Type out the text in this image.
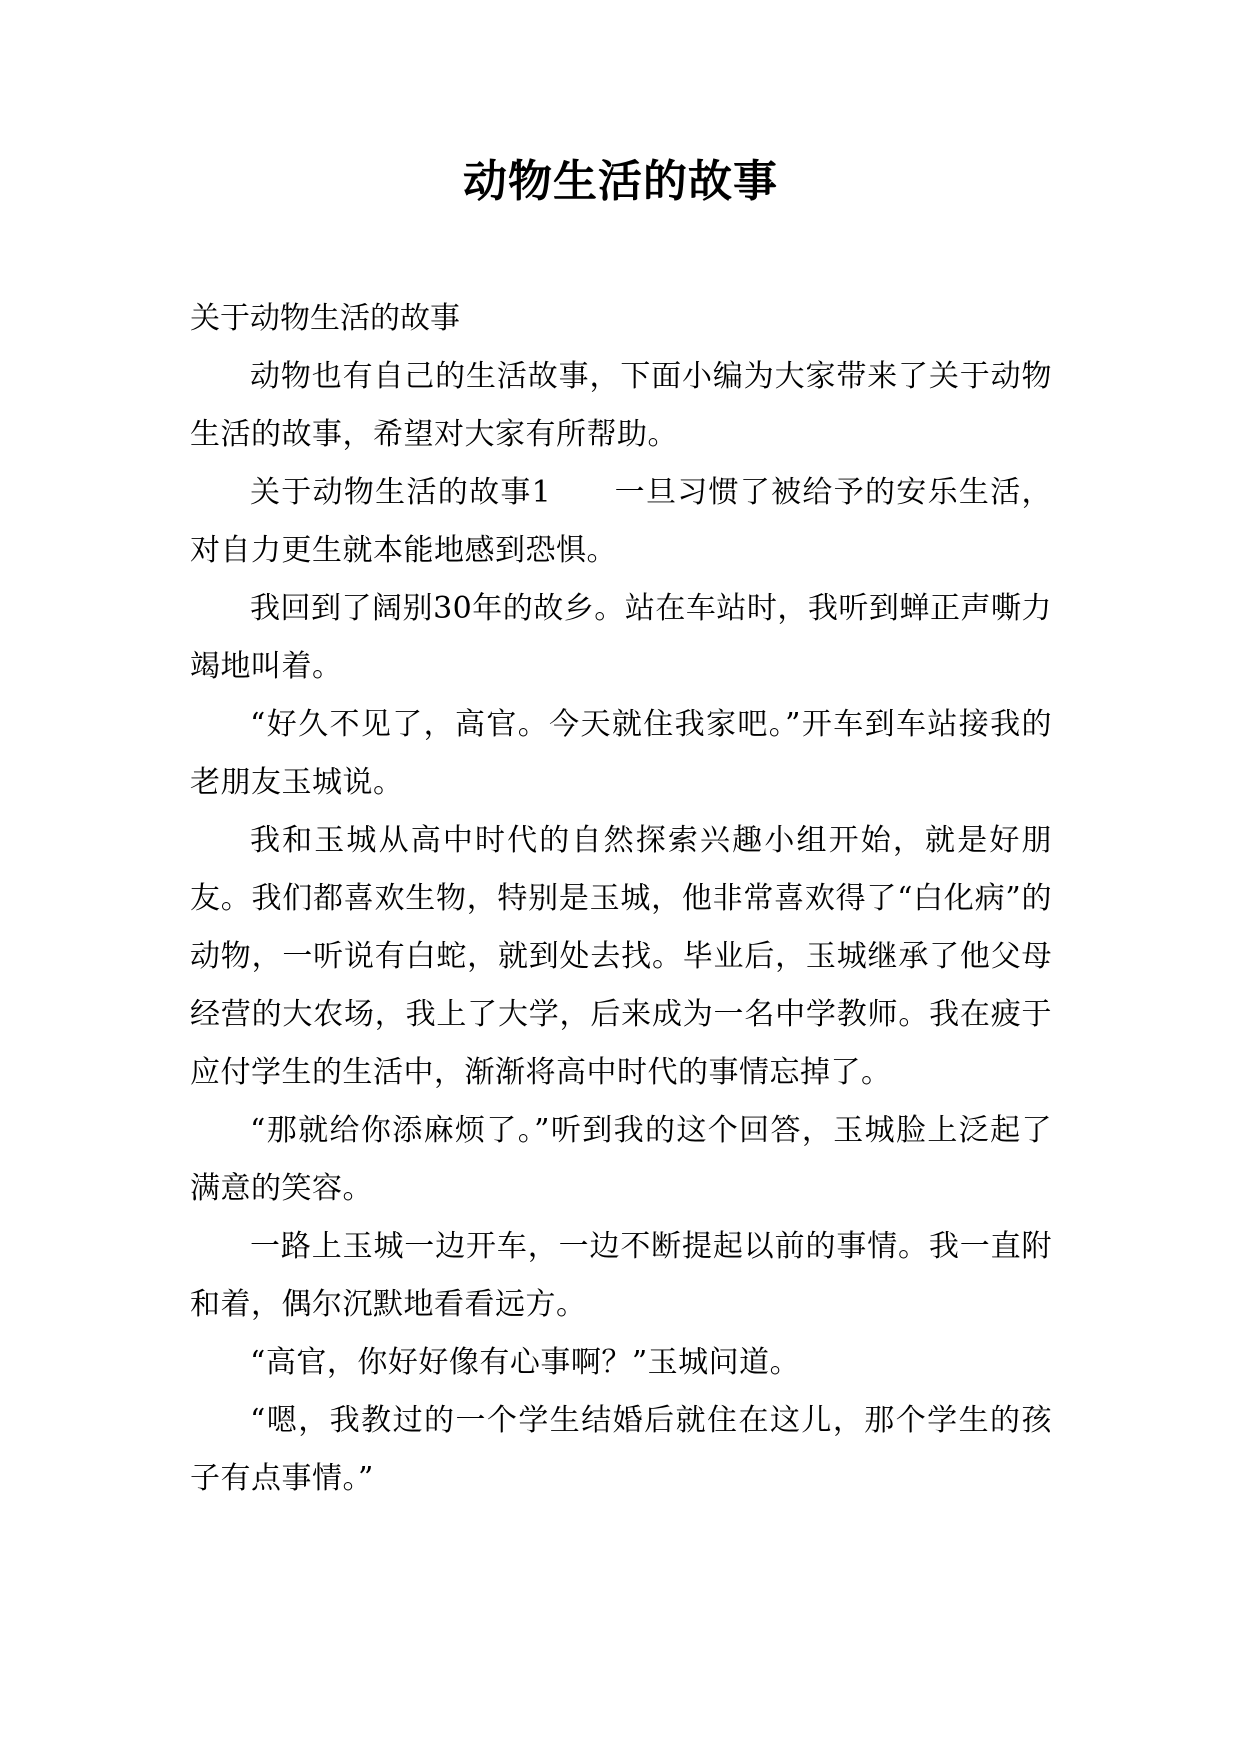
动物生活的故事

关于动物生活的故事

动物也有自己的生活故事，下面小编为大家带来了关于动物生活的故事，希望对大家有所帮助。

关于动物生活的故事1　　一旦习惯了被给予的安乐生活，对自力更生就本能地感到恐惧。

我回到了阔别30年的故乡。站在车站时，我听到蝉正声嘶力竭地叫着。

“好久不见了，高官。今天就住我家吧。”开车到车站接我的老朋友玉城说。

我和玉城从高中时代的自然探索兴趣小组开始，就是好朋友。我们都喜欢生物，特别是玉城，他非常喜欢得了“白化病”的动物，一听说有白蛇，就到处去找。毕业后，玉城继承了他父母经营的大农场，我上了大学，后来成为一名中学教师。我在疲于应付学生的生活中，渐渐将高中时代的事情忘掉了。

“那就给你添麻烦了。”听到我的这个回答，玉城脸上泛起了满意的笑容。

一路上玉城一边开车，一边不断提起以前的事情。我一直附和着，偶尔沉默地看看远方。

“高官，你好好像有心事啊？”玉城问道。

“嗯，我教过的一个学生结婚后就住在这儿，那个学生的孩子有点事情。”
